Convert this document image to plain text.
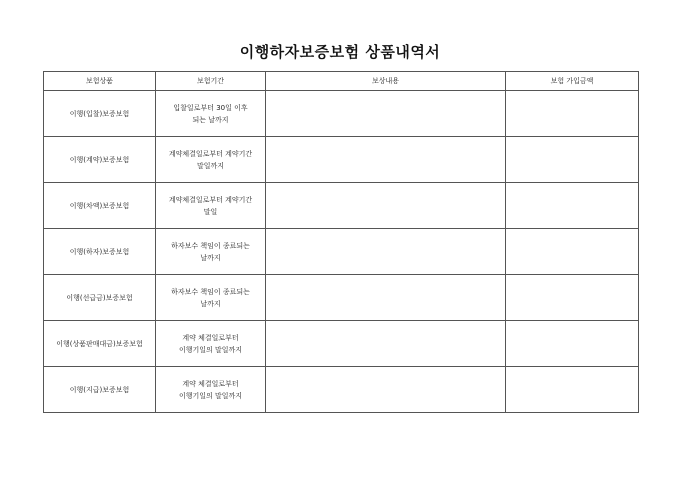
이행하자보증보험 상품내역서
보험상품	보험기간	보상내용	보험 가입금액
이행(입찰)보증보험	입찰일로부터 30일 이후
되는 날까지		

이행(계약)보증보험	계약체결일로부터 계약기간
말일까지		

이행(차액)보증보험	계약체결일로부터 계약기간
말일		

이행(하자)보증보험	하자보수 책임이 종료되는
날까지		

이행(선급금)보증보험	하자보수 책임이 종료되는
날까지		

이행(상품판매대금)보증보험	계약 체결일로부터
이행기일의 말일까지		

이행(지급)보증보험	계약 체결일로부터
이행기일의 말일까지		
